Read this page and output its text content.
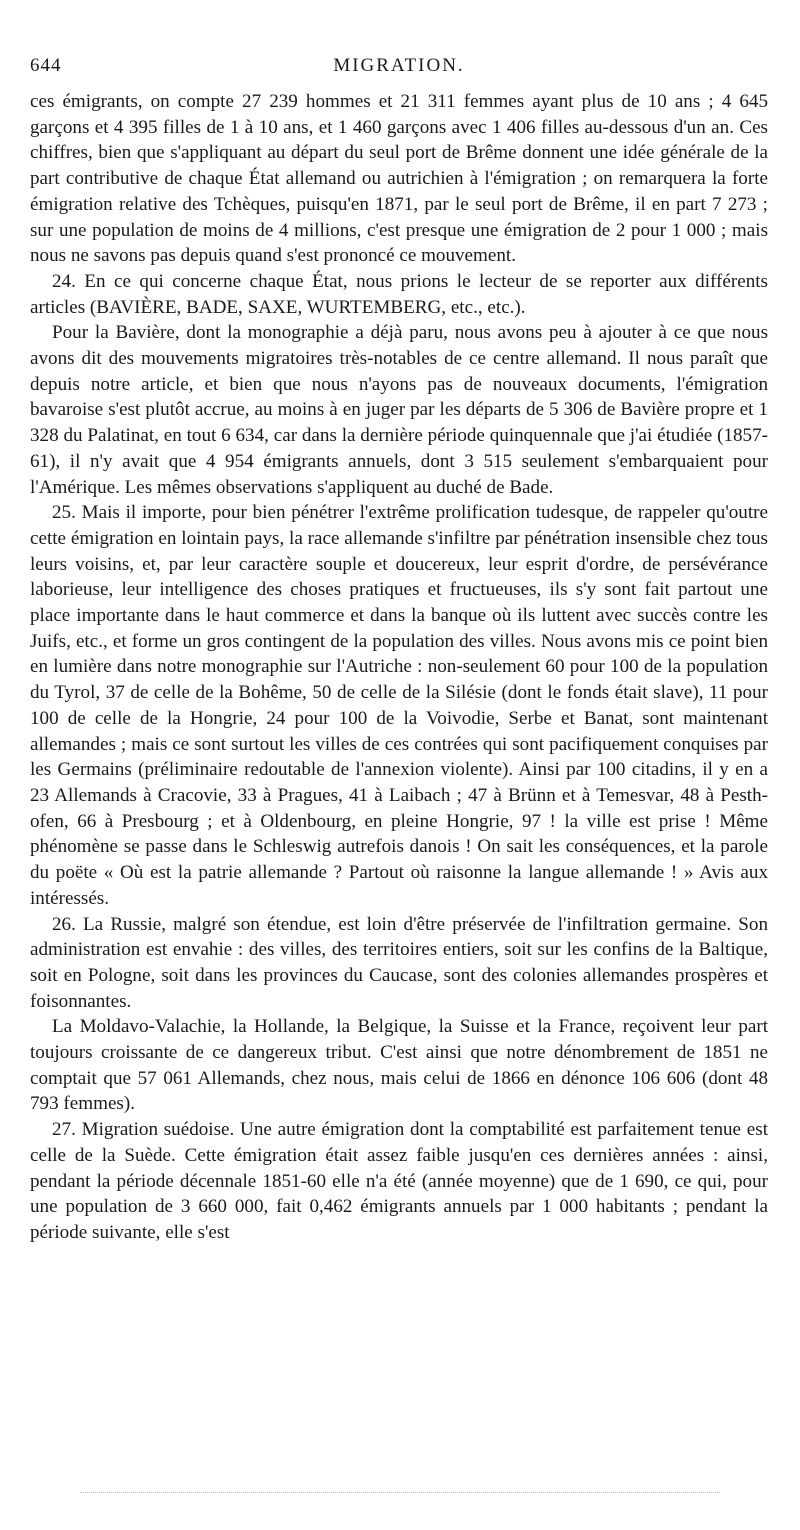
644	MIGRATION.

ces émigrants, on compte 27 239 hommes et 21 311 femmes ayant plus de 10 ans ; 4 645 garçons et 4 395 filles de 1 à 10 ans, et 1 460 garçons avec 1 406 filles au-dessous d'un an. Ces chiffres, bien que s'appliquant au départ du seul port de Brême donnent une idée générale de la part contributive de chaque État allemand ou autrichien à l'émigration ; on remarquera la forte émigration relative des Tchèques, puisqu'en 1871, par le seul port de Brême, il en part 7 273 ; sur une population de moins de 4 millions, c'est presque une émigration de 2 pour 1 000 ; mais nous ne savons pas depuis quand s'est prononcé ce mouvement.

24. En ce qui concerne chaque État, nous prions le lecteur de se reporter aux différents articles (BAVIÈRE, BADE, SAXE, WURTEMBERG, etc., etc.).

Pour la Bavière, dont la monographie a déjà paru, nous avons peu à ajouter à ce que nous avons dit des mouvements migratoires très-notables de ce centre allemand. Il nous paraît que depuis notre article, et bien que nous n'ayons pas de nouveaux documents, l'émigration bavaroise s'est plutôt accrue, au moins à en juger par les départs de 5 306 de Bavière propre et 1 328 du Palatinat, en tout 6 634, car dans la dernière période quinquennale que j'ai étudiée (1857-61), il n'y avait que 4 954 émigrants annuels, dont 3 515 seulement s'embarquaient pour l'Amérique. Les mêmes observations s'appliquent au duché de Bade.

25. Mais il importe, pour bien pénétrer l'extrême prolification tudesque, de rappeler qu'outre cette émigration en lointain pays, la race allemande s'infiltre par pénétration insensible chez tous leurs voisins, et, par leur caractère souple et doucereux, leur esprit d'ordre, de persévérance laborieuse, leur intelligence des choses pratiques et fructueuses, ils s'y sont fait partout une place importante dans le haut commerce et dans la banque où ils luttent avec succès contre les Juifs, etc., et forme un gros contingent de la population des villes. Nous avons mis ce point bien en lumière dans notre monographie sur l'Autriche : non-seulement 60 pour 100 de la population du Tyrol, 37 de celle de la Bohême, 50 de celle de la Silésie (dont le fonds était slave), 11 pour 100 de celle de la Hongrie, 24 pour 100 de la Voivodie, Serbe et Banat, sont maintenant allemandes ; mais ce sont surtout les villes de ces contrées qui sont pacifiquement conquises par les Germains (préliminaire redoutable de l'annexion violente). Ainsi par 100 citadins, il y en a 23 Allemands à Cracovie, 33 à Pragues, 41 à Laibach ; 47 à Brünn et à Temesvar, 48 à Pesth-ofen, 66 à Presbourg ; et à Oldenbourg, en pleine Hongrie, 97 ! la ville est prise ! Même phénomène se passe dans le Schleswig autrefois danois ! On sait les conséquences, et la parole du poëte « Où est la patrie allemande ? Partout où raisonne la langue allemande ! » Avis aux intéressés.

26. La Russie, malgré son étendue, est loin d'être préservée de l'infiltration germaine. Son administration est envahie : des villes, des territoires entiers, soit sur les confins de la Baltique, soit en Pologne, soit dans les provinces du Caucase, sont des colonies allemandes prospères et foisonnantes.

La Moldavo-Valachie, la Hollande, la Belgique, la Suisse et la France, reçoivent leur part toujours croissante de ce dangereux tribut. C'est ainsi que notre dénombrement de 1851 ne comptait que 57 061 Allemands, chez nous, mais celui de 1866 en dénonce 106 606 (dont 48 793 femmes).

27. Migration suédoise. Une autre émigration dont la comptabilité est parfaitement tenue est celle de la Suède. Cette émigration était assez faible jusqu'en ces dernières années : ainsi, pendant la période décennale 1851-60 elle n'a été (année moyenne) que de 1 690, ce qui, pour une population de 3 660 000, fait 0,462 émigrants annuels par 1 000 habitants ; pendant la période suivante, elle s'est
